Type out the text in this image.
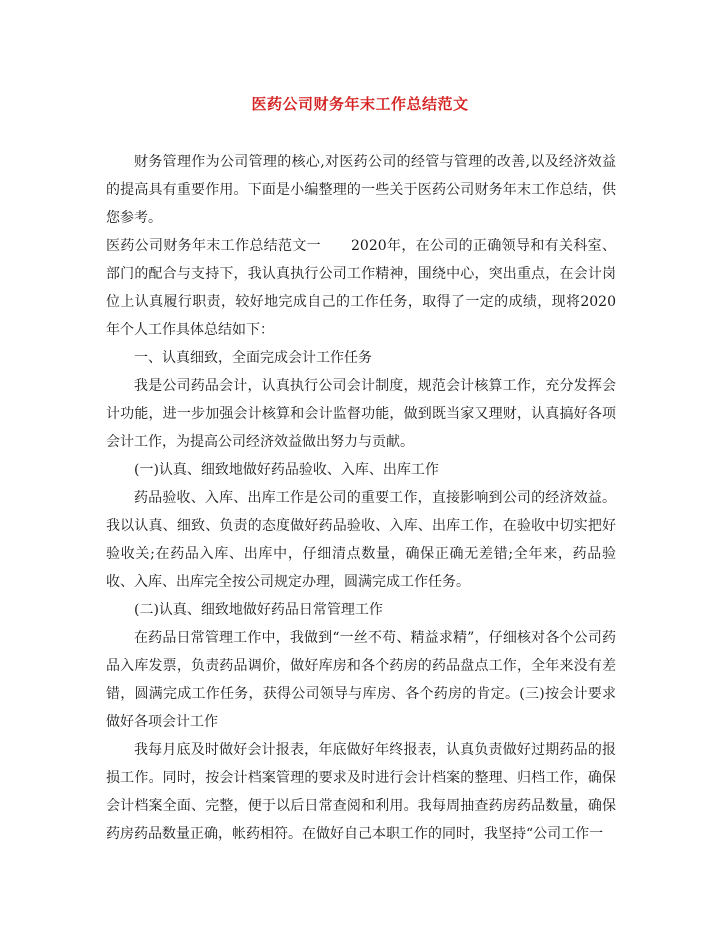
医药公司财务年末工作总结范文

财务管理作为公司管理的核心,对医药公司的经管与管理的改善,以及经济效益的提高具有重要作用。下面是小编整理的一些关于医药公司财务年末工作总结，供您参考。

医药公司财务年末工作总结范文一 2020年，在公司的正确领导和有关科室、部门的配合与支持下，我认真执行公司工作精神，围绕中心，突出重点，在会计岗位上认真履行职责，较好地完成自己的工作任务，取得了一定的成绩，现将2020年个人工作具体总结如下：

一、认真细致，全面完成会计工作任务

我是公司药品会计，认真执行公司会计制度，规范会计核算工作，充分发挥会计功能，进一步加强会计核算和会计监督功能，做到既当家又理财，认真搞好各项会计工作，为提高公司经济效益做出努力与贡献。

(一)认真、细致地做好药品验收、入库、出库工作

药品验收、入库、出库工作是公司的重要工作，直接影响到公司的经济效益。我以认真、细致、负责的态度做好药品验收、入库、出库工作，在验收中切实把好验收关;在药品入库、出库中，仔细清点数量，确保正确无差错;全年来，药品验收、入库、出库完全按公司规定办理，圆满完成工作任务。

(二)认真、细致地做好药品日常管理工作

在药品日常管理工作中，我做到“一丝不苟、精益求精”，仔细核对各个公司药品入库发票，负责药品调价，做好库房和各个药房的药品盘点工作，全年来没有差错，圆满完成工作任务，获得公司领导与库房、各个药房的肯定。(三)按会计要求做好各项会计工作

我每月底及时做好会计报表，年底做好年终报表，认真负责做好过期药品的报损工作。同时，按会计档案管理的要求及时进行会计档案的整理、归档工作，确保会计档案全面、完整，便于以后日常查阅和利用。我每周抽查药房药品数量，确保药房药品数量正确，帐药相符。在做好自己本职工作的同时，我坚持“公司工作一
